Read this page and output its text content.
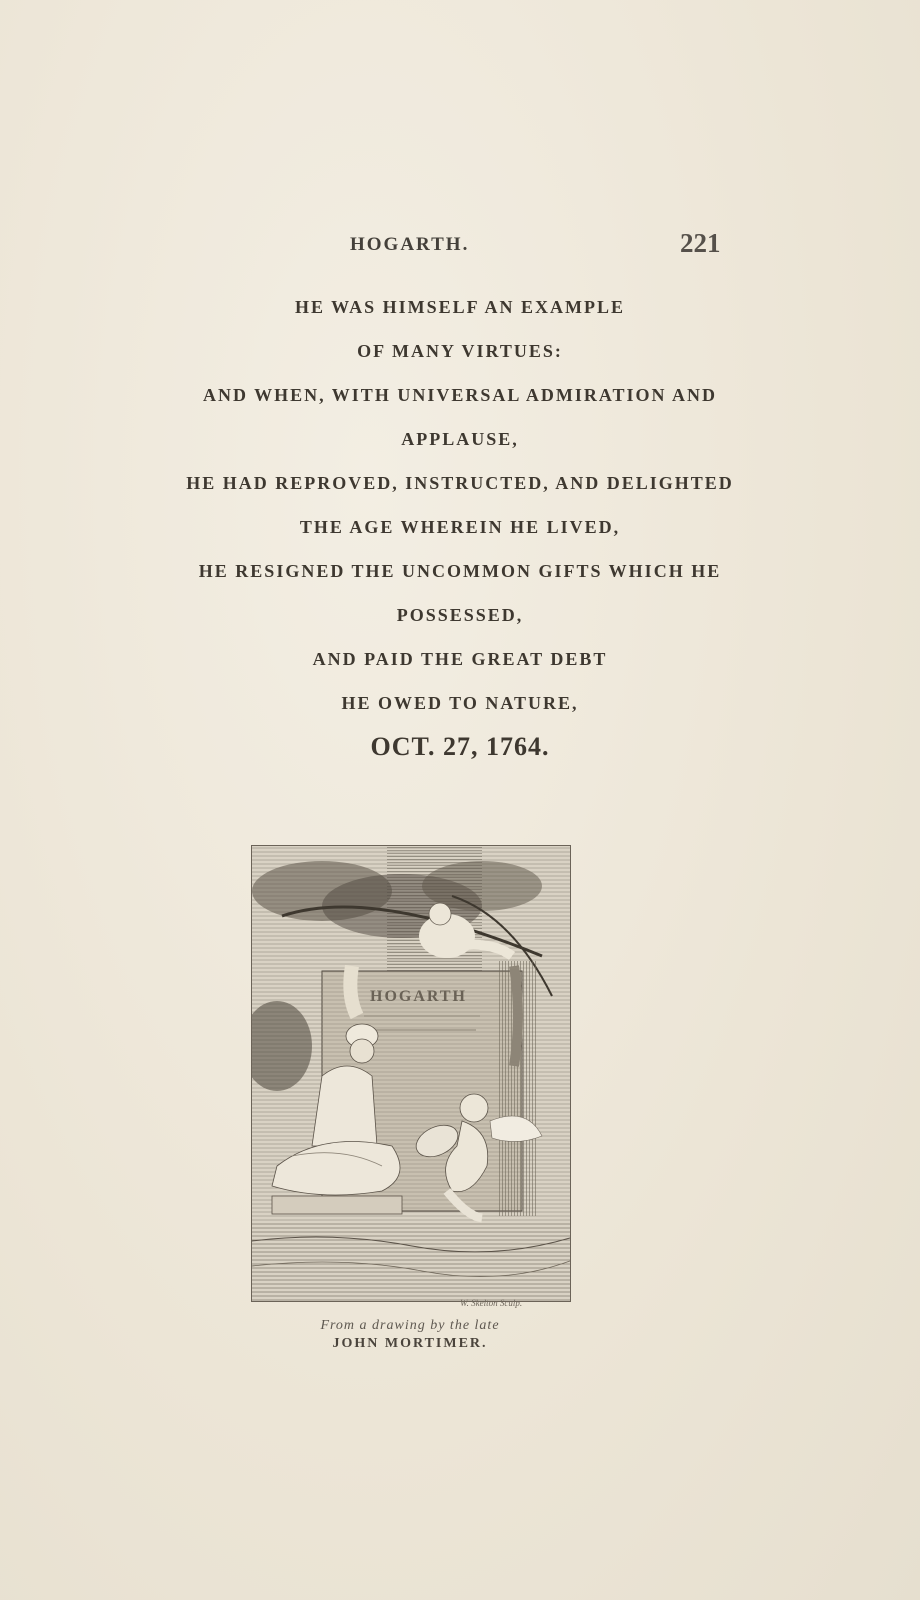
HOGARTH.	221
HE WAS HIMSELF AN EXAMPLE
OF MANY VIRTUES:
AND WHEN, WITH UNIVERSAL ADMIRATION AND
APPLAUSE,
HE HAD REPROVED, INSTRUCTED, AND DELIGHTED
THE AGE WHEREIN HE LIVED,
HE RESIGNED THE UNCOMMON GIFTS WHICH HE
POSSESSED,
AND PAID THE GREAT DEBT
HE OWED TO NATURE,
OCT. 27, 1764.
HOGARTH
W. Skelton Sculp.
From a drawing by the late
JOHN MORTIMER.
